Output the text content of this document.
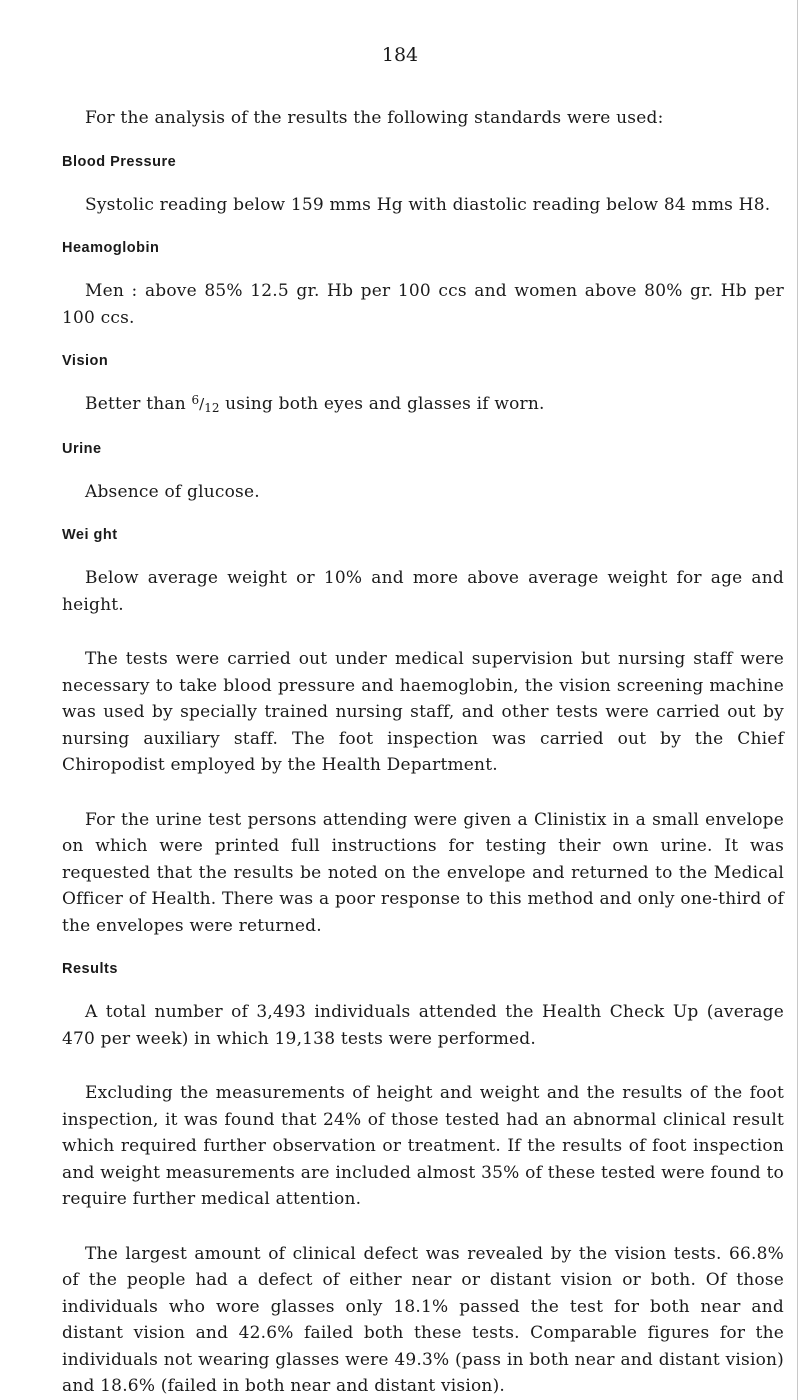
184

For the analysis of the results the following standards were used:

Blood Pressure

Systolic reading below 159 mms Hg with diastolic reading below 84 mms H8.

Heamoglobin

Men : above 85% 12.5 gr. Hb per 100 ccs and women above 80% gr. Hb per 100 ccs.

Vision

Better than 6/12 using both eyes and glasses if worn.

Urine

Absence of glucose.

Wei ght

Below average weight or 10% and more above average weight for age and height.

The tests were carried out under medical supervision but nursing staff were necessary to take blood pressure and haemoglobin, the vision screening machine was used by specially trained nursing staff, and other tests were carried out by nursing auxiliary staff. The foot inspection was carried out by the Chief Chiropodist employed by the Health Department.

For the urine test persons attending were given a Clinistix in a small envelope on which were printed full instructions for testing their own urine. It was requested that the results be noted on the envelope and returned to the Medical Officer of Health. There was a poor response to this method and only one-third of the envelopes were returned.

Results

A total number of 3,493 individuals attended the Health Check Up (average 470 per week) in which 19,138 tests were performed.

Excluding the measurements of height and weight and the results of the foot inspection, it was found that 24% of those tested had an abnormal clinical result which required further observation or treatment. If the results of foot inspection and weight measurements are included almost 35% of these tested were found to require further medical attention.

The largest amount of clinical defect was revealed by the vision tests. 66.8% of the people had a defect of either near or distant vision or both. Of those individuals who wore glasses only 18.1% passed the test for both near and distant vision and 42.6% failed both these tests. Comparable figures for the individuals not wearing glasses were 49.3% (pass in both near and distant vision) and 18.6% (failed in both near and distant vision).
